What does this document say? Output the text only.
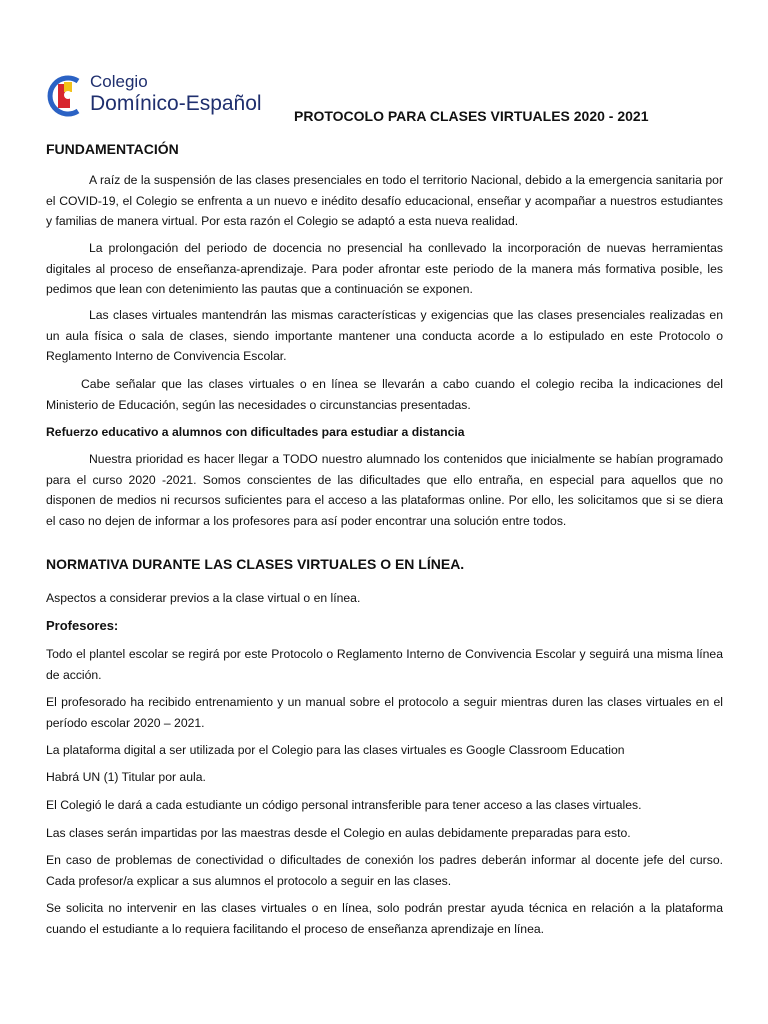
Colegio
Domínico-Español
PROTOCOLO PARA CLASES VIRTUALES 2020 - 2021
FUNDAMENTACIÓN

A raíz de la suspensión de las clases presenciales en todo el territorio Nacional, debido a la emergencia sanitaria por el COVID-19, el Colegio se enfrenta a un nuevo e inédito desafío educacional, enseñar y acompañar a nuestros estudiantes y familias de manera virtual. Por esta razón el Colegio se adaptó a esta nueva realidad.

La prolongación del periodo de docencia no presencial ha conllevado la incorporación de nuevas herramientas digitales al proceso de enseñanza-aprendizaje. Para poder afrontar este periodo de la manera más formativa posible, les pedimos que lean con detenimiento las pautas que a continuación se exponen.

Las clases virtuales mantendrán las mismas características y exigencias que las clases presenciales realizadas en un aula física o sala de clases, siendo importante mantener una conducta acorde a lo estipulado en este Protocolo o Reglamento Interno de Convivencia Escolar.

Cabe señalar que las clases virtuales o en línea se llevarán a cabo cuando el colegio reciba la indicaciones del Ministerio de Educación, según las necesidades o circunstancias presentadas.

Refuerzo educativo a alumnos con dificultades para estudiar a distancia

Nuestra prioridad es hacer llegar a TODO nuestro alumnado los contenidos que inicialmente se habían programado para el curso 2020 -2021. Somos conscientes de las dificultades que ello entraña, en especial para aquellos que no disponen de medios ni recursos suficientes para el acceso a las plataformas online. Por ello, les solicitamos que si se diera el caso no dejen de informar a los profesores para así poder encontrar una solución entre todos.

NORMATIVA DURANTE LAS CLASES VIRTUALES O EN LÍNEA.

Aspectos a considerar previos a la clase virtual o en línea.

Profesores:

Todo el plantel escolar se regirá por este Protocolo o Reglamento Interno de Convivencia Escolar y seguirá una misma línea de acción.

El profesorado ha recibido entrenamiento y un manual sobre el protocolo a seguir mientras duren las clases virtuales en el período escolar 2020 – 2021.

La plataforma digital a ser utilizada por el Colegio para las clases virtuales es Google Classroom Education

Habrá UN (1) Titular por aula.

El Colegió le dará a cada estudiante un código personal intransferible para tener acceso a las clases virtuales.

Las clases serán impartidas por las maestras desde el Colegio en aulas debidamente preparadas para esto.

En caso de problemas de conectividad o dificultades de conexión los padres deberán informar al docente jefe del curso. Cada profesor/a explicar a sus alumnos el protocolo a seguir en las clases.

Se solicita no intervenir en las clases virtuales o en línea, solo podrán prestar ayuda técnica en relación a la plataforma cuando el estudiante a lo requiera facilitando el proceso de enseñanza aprendizaje en línea.
